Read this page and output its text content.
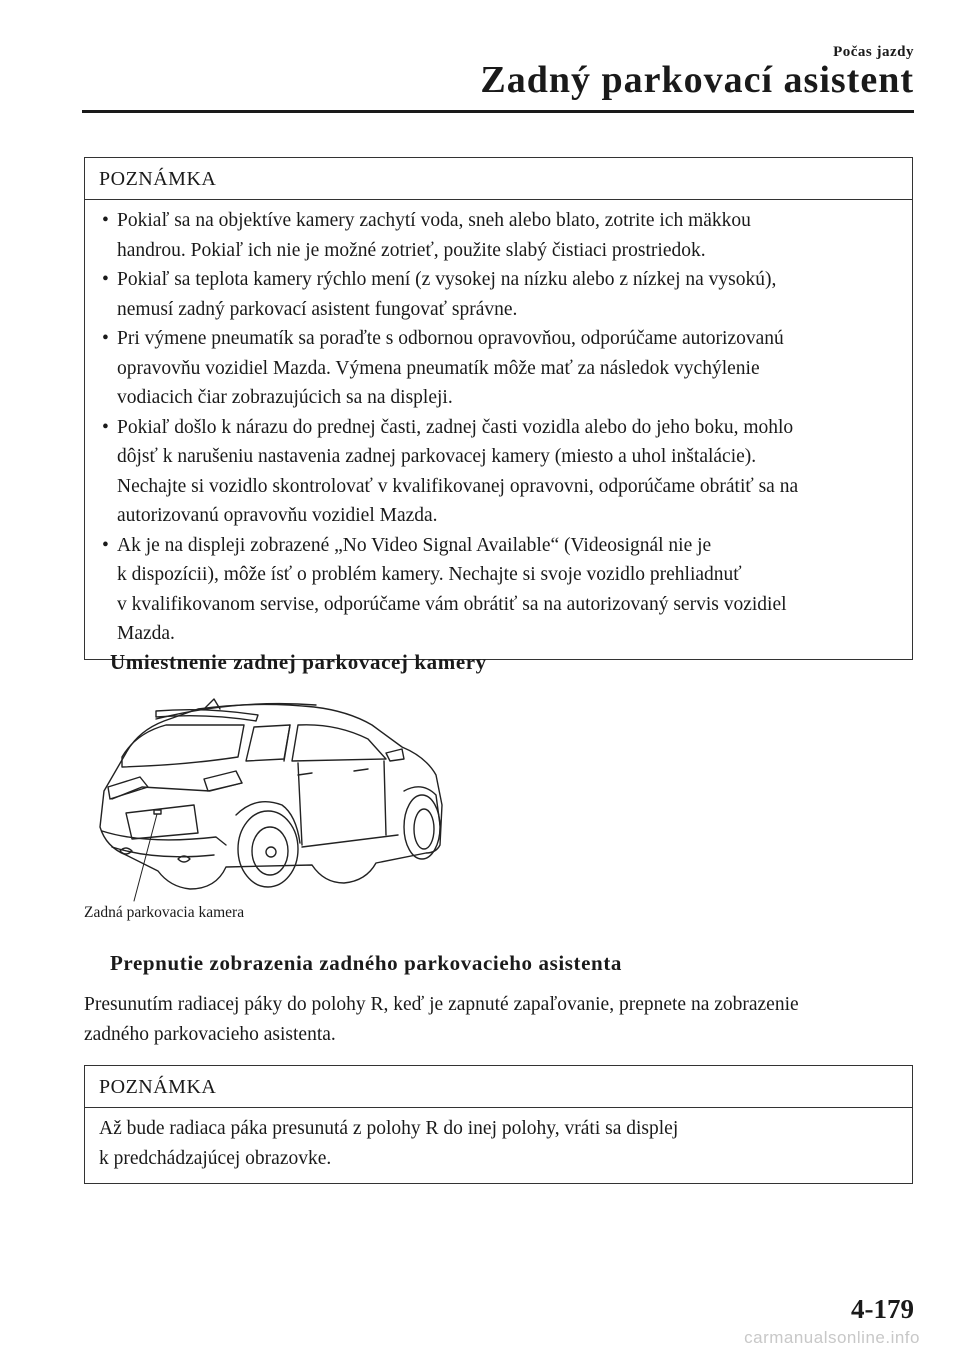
Počas jazdy
Zadný parkovací asistent
POZNÁMKA
• Pokiaľ sa na objektíve kamery zachytí voda, sneh alebo blato, zotrite ich mäkkou
handrou. Pokiaľ ich nie je možné zotrieť, použite slabý čistiaci prostriedok.
• Pokiaľ sa teplota kamery rýchlo mení (z vysokej na nízku alebo z nízkej na vysokú),
nemusí zadný parkovací asistent fungovať správne.
• Pri výmene pneumatík sa poraďte s odbornou opravovňou, odporúčame autorizovanú
opravovňu vozidiel Mazda. Výmena pneumatík môže mať za následok vychýlenie
vodiacich čiar zobrazujúcich sa na displeji.
• Pokiaľ došlo k nárazu do prednej časti, zadnej časti vozidla alebo do jeho boku, mohlo
dôjsť k narušeniu nastavenia zadnej parkovacej kamery (miesto a uhol inštalácie).
Nechajte si vozidlo skontrolovať v kvalifikovanej opravovni, odporúčame obrátiť sa na
autorizovanú opravovňu vozidiel Mazda.
• Ak je na displeji zobrazené „No Video Signal Available“ (Videosignál nie je
k dispozícii), môže ísť o problém kamery. Nechajte si svoje vozidlo prehliadnuť
v kvalifikovanom servise, odporúčame vám obrátiť sa na autorizovaný servis vozidiel
Mazda.
Umiestnenie zadnej parkovacej kamery
Zadná parkovacia kamera
Prepnutie zobrazenia zadného parkovacieho asistenta
Presunutím radiacej páky do polohy R, keď je zapnuté zapaľovanie, prepnete na zobrazenie
zadného parkovacieho asistenta.
POZNÁMKA
Až bude radiaca páka presunutá z polohy R do inej polohy, vráti sa displej
k predchádzajúcej obrazovke.
4-179
carmanualsonline.info
